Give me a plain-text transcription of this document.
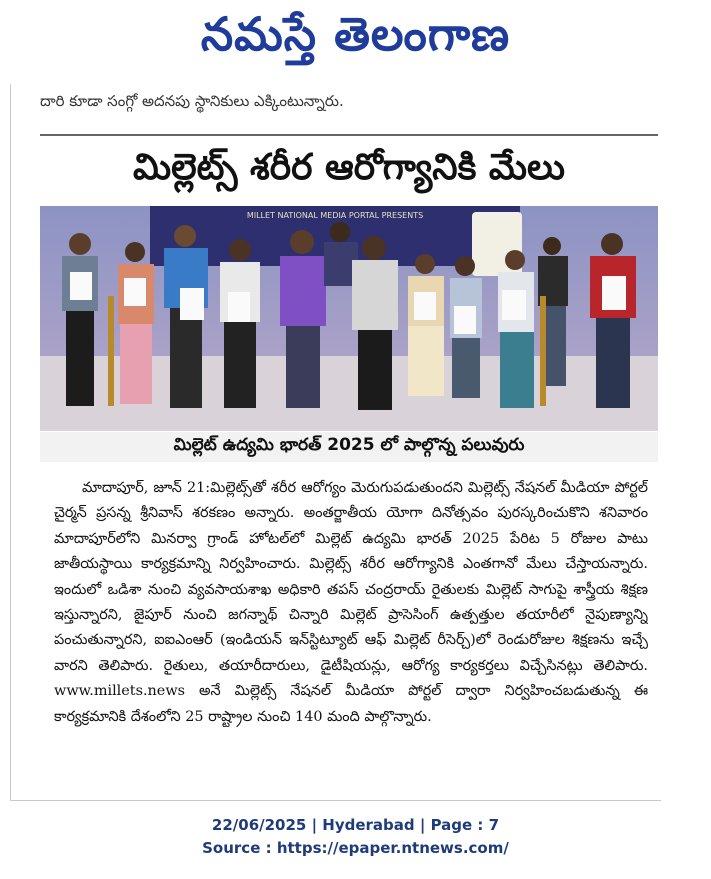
నమస్తే తెలంగాణ
దారి కూడా సంగ్గో అదనపు స్థానికులు ఎక్కింటున్నారు.
మిల్లెట్స్ శరీర ఆరోగ్యానికి మేలు
MILLET NATIONAL MEDIA PORTAL PRESENTS
మిల్లెట్ ఉద్యమి భారత్ 2025 లో పాల్గొన్న పలువురు
మాదాపూర్, జూన్ 21:మిల్లెట్స్‌తో శరీర ఆరోగ్యం మెరుగుపడుతుందని మిల్లెట్స్ నేషనల్ మీడియా పోర్టల్ చైర్మన్ ప్రసన్న శ్రీనివాస్ శరకణం అన్నారు. అంతర్జాతీయ యోగా దినోత్సవం పురస్కరించుకొని శనివారం మాదాపూర్‌లోని మినర్వా గ్రాండ్ హోటల్‌లో మిల్లెట్ ఉద్యమి భారత్ 2025 పేరిట 5 రోజుల పాటు జాతీయస్థాయి కార్యక్రమాన్ని నిర్వహించారు. మిల్లెట్స్ శరీర ఆరోగ్యానికి ఎంతగానో మేలు చేస్తాయన్నారు. ఇందులో ఒడిశా నుంచి వ్యవసాయశాఖ అధికారి తపస్ చంద్రరాయ్ రైతులకు మిల్లెట్ సాగుపై శాస్త్రీయ శిక్షణ ఇస్తున్నారని, జైపూర్ నుంచి జగన్నాథ్ చిన్నారి మిల్లెట్ ప్రాసెసింగ్ ఉత్పత్తుల తయారీలో నైపుణ్యాన్ని పంచుతున్నారని, ఐఐఎంఆర్ (ఇండియన్ ఇన్‌స్టిట్యూట్ ఆఫ్ మిల్లెట్ రీసెర్చ్)లో రెండురోజుల శిక్షణను ఇచ్చే వారని తెలిపారు. రైతులు, తయారీదారులు, డైటీషియన్లు, ఆరోగ్య కార్యకర్తలు విచ్చేసినట్లు తెలిపారు. www.millets.news అనే మిల్లెట్స్ నేషనల్ మీడియా పోర్టల్ ద్వారా నిర్వహించబడుతున్న ఈ కార్యక్రమానికి దేశంలోని 25 రాష్ట్రాల నుంచి 140 మంది పాల్గొన్నారు.
22/06/2025 | Hyderabad | Page : 7
Source : https://epaper.ntnews.com/
